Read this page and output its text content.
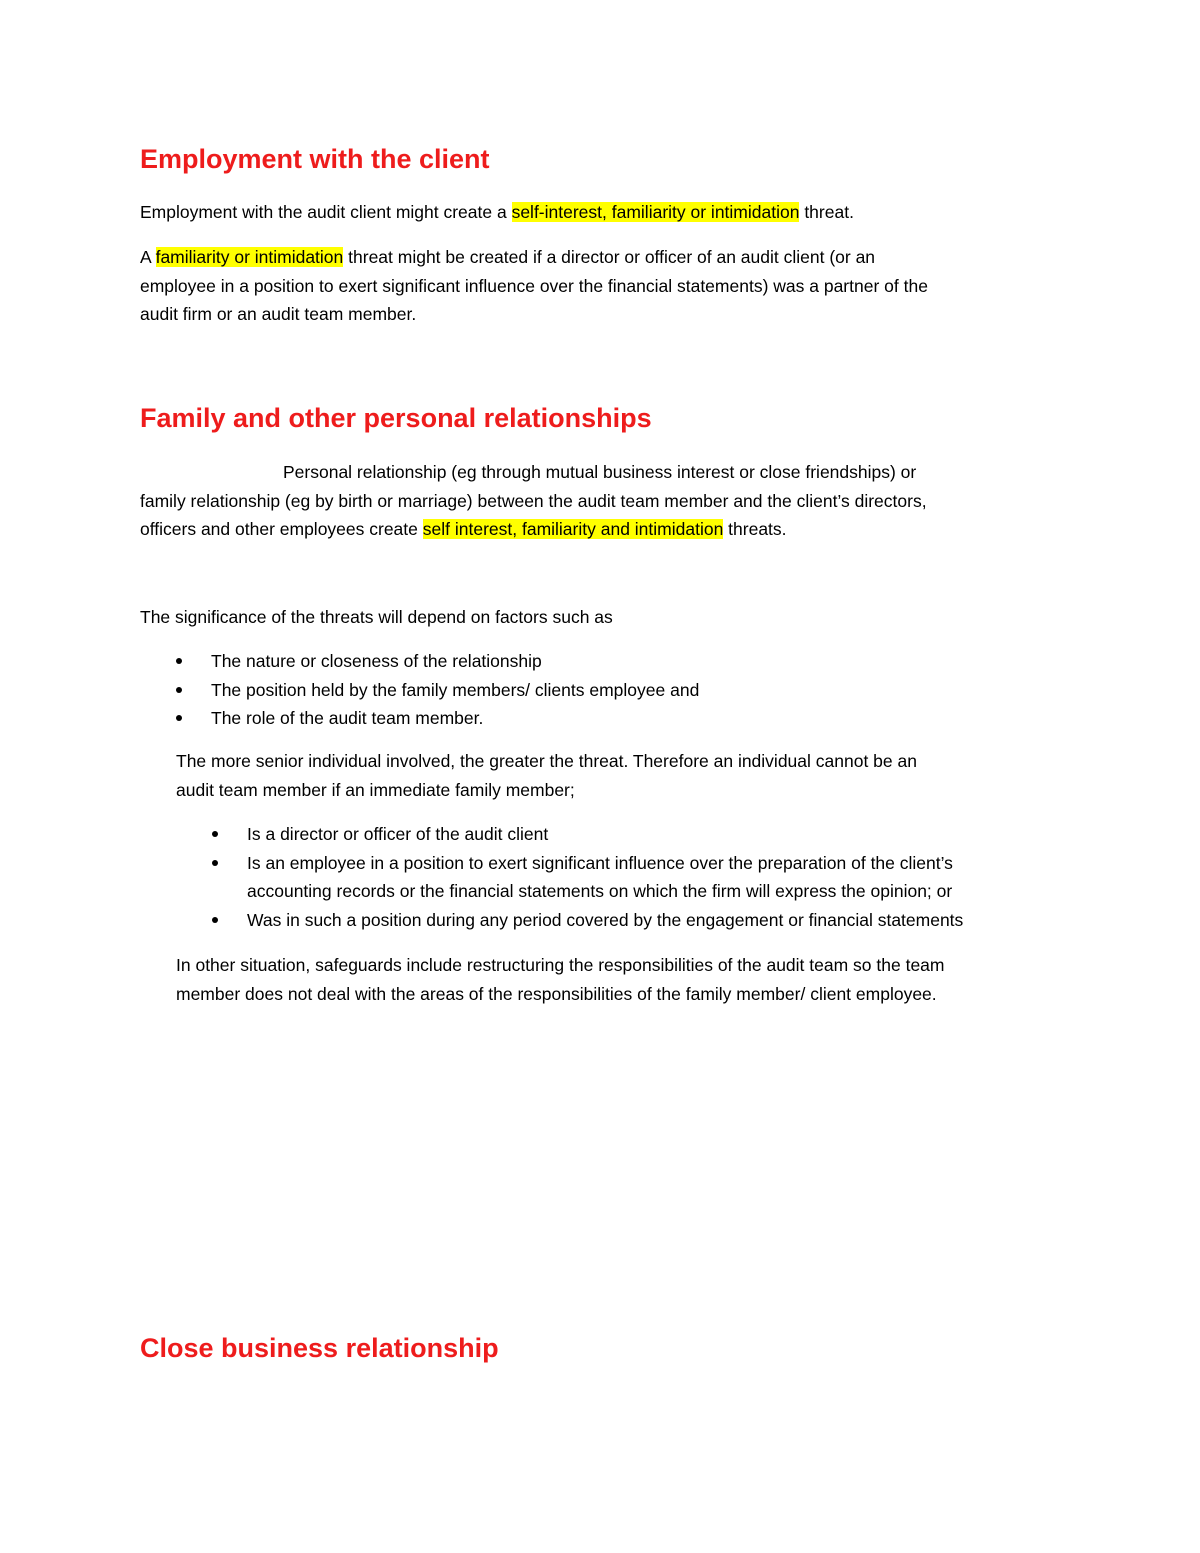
Employment with the client

Employment with the audit client might create a self-interest, familiarity or intimidation threat.

A familiarity or intimidation threat might be created if a director or officer of an audit client (or an

employee in a position to exert significant influence over the financial statements) was a partner of the

audit firm or an audit team member.

Family and other personal relationships

Personal relationship (eg through mutual business interest or close friendships) or

family relationship (eg by birth or marriage) between the audit team member and the client’s directors,

officers and other employees create self interest, familiarity and intimidation threats.

The significance of the threats will depend on factors such as

The nature or closeness of the relationship
The position held by the family members/ clients employee and
The role of the audit team member.

The more senior individual involved, the greater the threat. Therefore an individual cannot be an

audit team member if an immediate family member;

Is a director or officer of the audit client
Is an employee in a position to exert significant influence over the preparation of the client’s

accounting records or the financial statements on which the firm will express the opinion; or

Was in such a position during any period covered by the engagement or financial statements

In other situation, safeguards include restructuring the responsibilities of the audit team so the team

member does not deal with the areas of the responsibilities of the family member/ client employee.

Close business relationship
